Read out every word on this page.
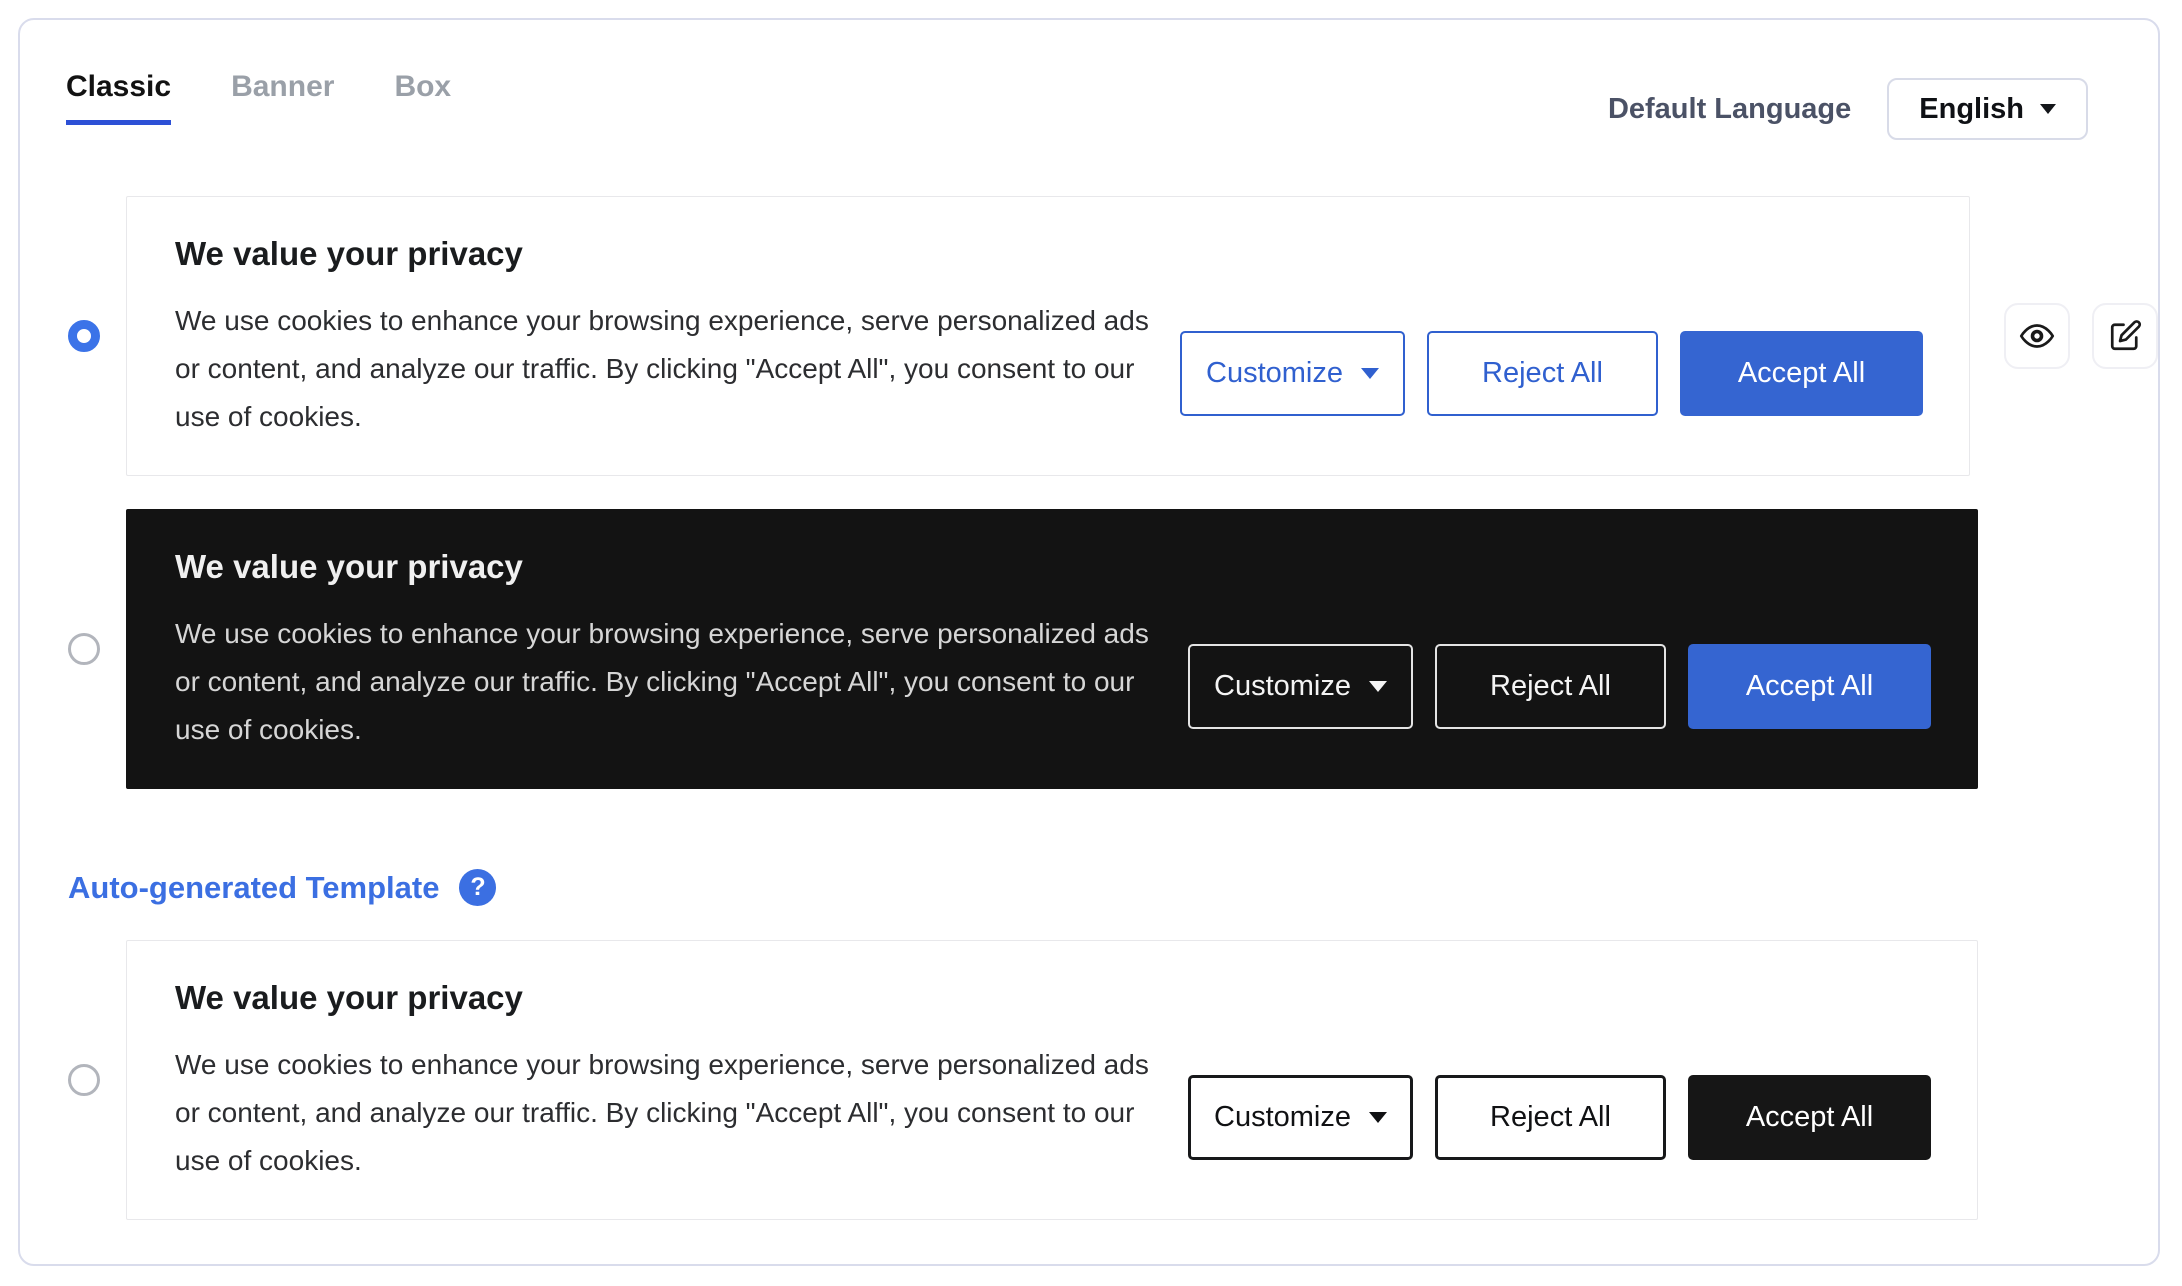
Classic Banner Box
Default Language English
We value your privacy
We use cookies to enhance your browsing experience, serve personalized ads
or content, and analyze our traffic. By clicking "Accept All", you consent to our
use of cookies.
Customize	Reject All	Accept All
We value your privacy
We use cookies to enhance your browsing experience, serve personalized ads
or content, and analyze our traffic. By clicking "Accept All", you consent to our
use of cookies.
Customize	Reject All	Accept All
Auto-generated Template	?
We value your privacy
We use cookies to enhance your browsing experience, serve personalized ads
or content, and analyze our traffic. By clicking "Accept All", you consent to our
use of cookies.
Customize	Reject All	Accept All
